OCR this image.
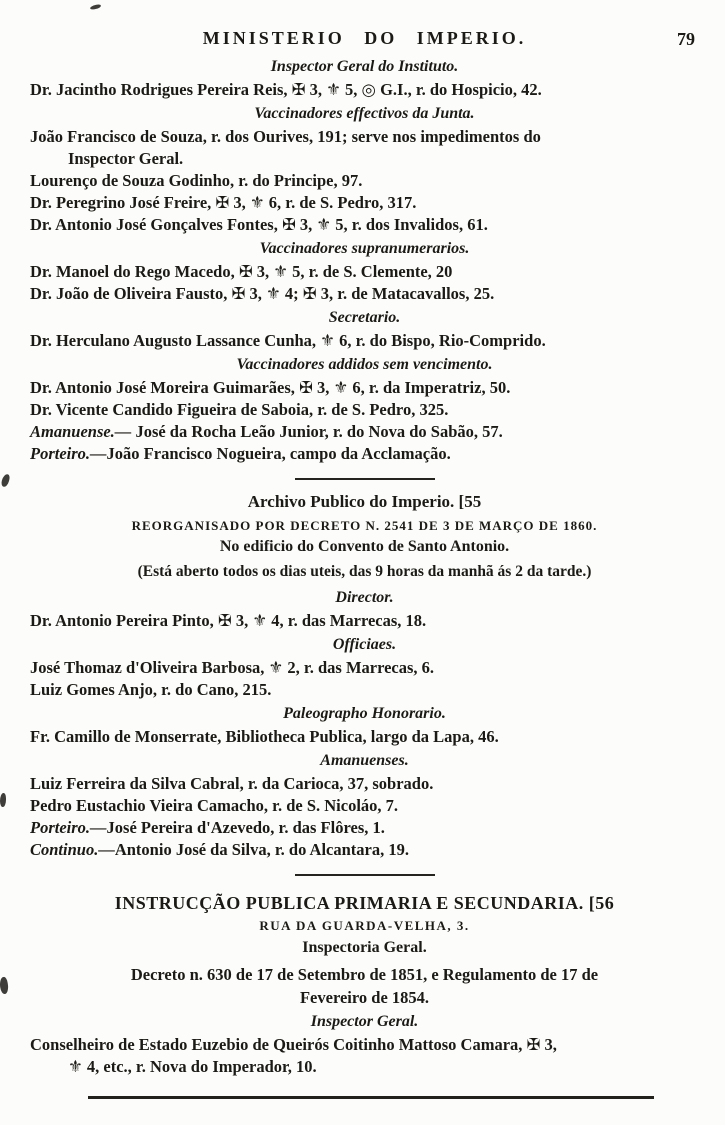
MINISTERIO DO IMPERIO.	79
Inspector Geral do Instituto.
Dr. Jacintho Rodrigues Pereira Reis, ✠ 3, ⚜ 5, ◎ G.I., r. do Hospicio, 42.
Vaccinadores effectivos da Junta.
João Francisco de Souza, r. dos Ourives, 191; serve nos impedimentos do
Inspector Geral.
Lourenço de Souza Godinho, r. do Principe, 97.
Dr. Peregrino José Freire, ✠ 3, ⚜ 6, r. de S. Pedro, 317.
Dr. Antonio José Gonçalves Fontes, ✠ 3, ⚜ 5, r. dos Invalidos, 61.
Vaccinadores supranumerarios.
Dr. Manoel do Rego Macedo, ✠ 3, ⚜ 5, r. de S. Clemente, 20
Dr. João de Oliveira Fausto, ✠ 3, ⚜ 4; ✠ 3, r. de Matacavallos, 25.
Secretario.
Dr. Herculano Augusto Lassance Cunha, ⚜ 6, r. do Bispo, Rio-Comprido.
Vaccinadores addidos sem vencimento.
Dr. Antonio José Moreira Guimarães, ✠ 3, ⚜ 6, r. da Imperatriz, 50.
Dr. Vicente Candido Figueira de Saboia, r. de S. Pedro, 325.
Amanuense.— José da Rocha Leão Junior, r. do Nova do Sabão, 57.
Porteiro.—João Francisco Nogueira, campo da Acclamação.
Archivo Publico do Imperio. [55
REORGANISADO POR DECRETO N. 2541 DE 3 DE MARÇO DE 1860.
No edificio do Convento de Santo Antonio.
(Está aberto todos os dias uteis, das 9 horas da manhã ás 2 da tarde.)
Director.
Dr. Antonio Pereira Pinto, ✠ 3, ⚜ 4, r. das Marrecas, 18.
Officiaes.
José Thomaz d'Oliveira Barbosa, ⚜ 2, r. das Marrecas, 6.
Luiz Gomes Anjo, r. do Cano, 215.
Paleographo Honorario.
Fr. Camillo de Monserrate, Bibliotheca Publica, largo da Lapa, 46.
Amanuenses.
Luiz Ferreira da Silva Cabral, r. da Carioca, 37, sobrado.
Pedro Eustachio Vieira Camacho, r. de S. Nicoláo, 7.
Porteiro.—José Pereira d'Azevedo, r. das Flôres, 1.
Continuo.—Antonio José da Silva, r. do Alcantara, 19.
INSTRUCÇÃO PUBLICA PRIMARIA E SECUNDARIA. [56
RUA DA GUARDA-VELHA, 3.
Inspectoria Geral.
Decreto n. 630 de 17 de Setembro de 1851, e Regulamento de 17 de
Fevereiro de 1854.
Inspector Geral.
Conselheiro de Estado Euzebio de Queirós Coitinho Mattoso Camara, ✠ 3,
⚜ 4, etc., r. Nova do Imperador, 10.
